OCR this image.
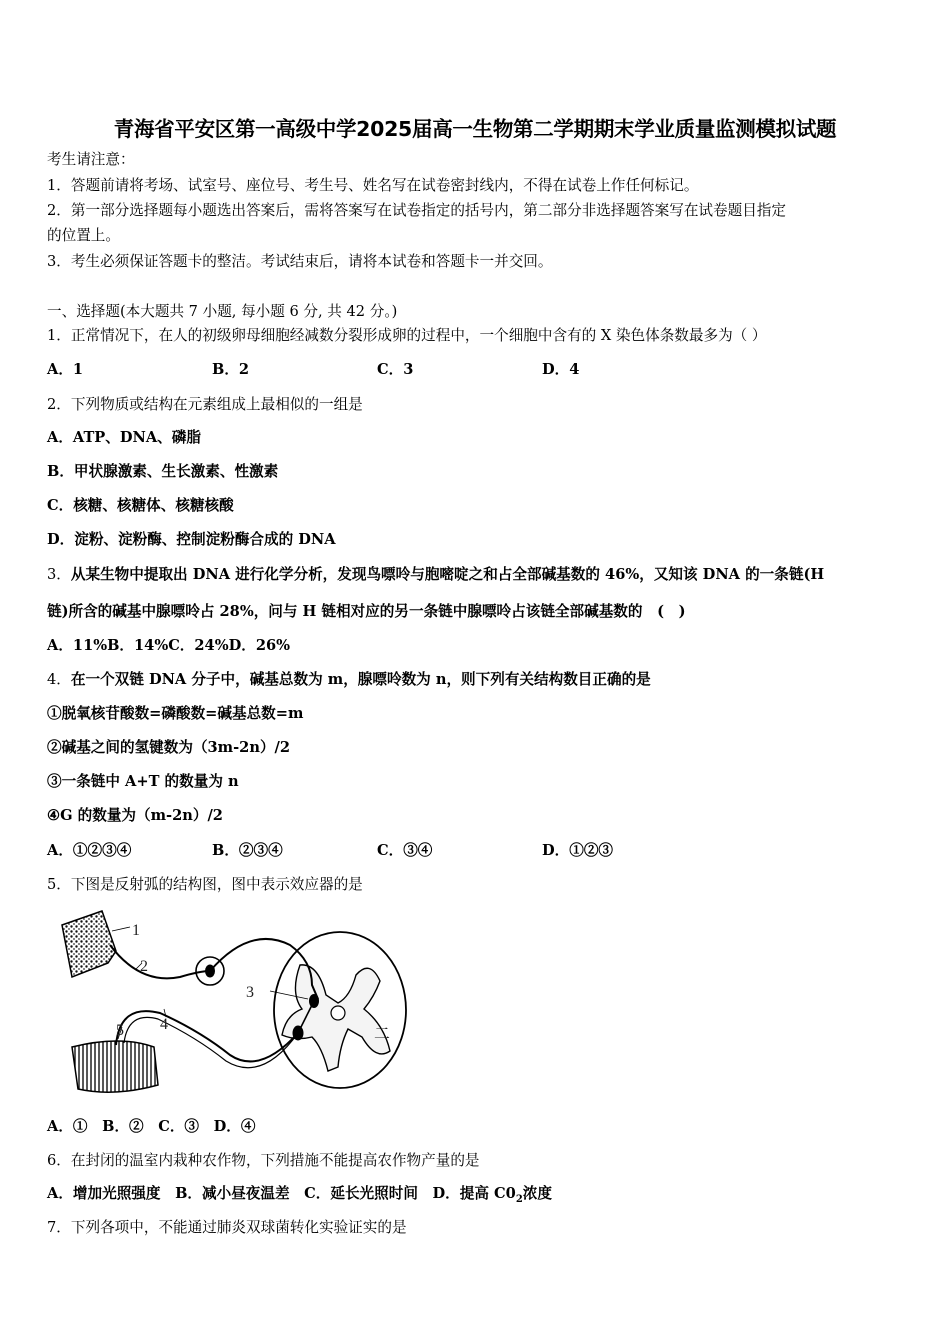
青海省平安区第一高级中学2025届高一生物第二学期期末学业质量监测模拟试题
考生请注意：
1．答题前请将考场、试室号、座位号、考生号、姓名写在试卷密封线内，不得在试卷上作任何标记。
2．第一部分选择题每小题选出答案后，需将答案写在试卷指定的括号内，第二部分非选择题答案写在试卷题目指定
的位置上。
3．考生必须保证答题卡的整洁。考试结束后，请将本试卷和答题卡一并交回。
一、选择题(本大题共 7 小题, 每小题 6 分, 共 42 分。)
1．正常情况下，在人的初级卵母细胞经减数分裂形成卵的过程中，一个细胞中含有的 X 染色体条数最多为（ ）
A．1	B．2	C．3	D．4
2．下列物质或结构在元素组成上最相似的一组是
A．ATP、DNA、磷脂
B．甲状腺激素、生长激素、性激素
C．核糖、核糖体、核糖核酸
D．淀粉、淀粉酶、控制淀粉酶合成的 DNA
3．从某生物中提取出 DNA 进行化学分析，发现鸟嘌呤与胞嘧啶之和占全部碱基数的 46%，又知该 DNA 的一条链(H
链)所含的碱基中腺嘌呤占 28%，问与 H 链相对应的另一条链中腺嘌呤占该链全部碱基数的　(　)
A．11%B．14%C．24%D．26%
4．在一个双链 DNA 分子中，碱基总数为 m，腺嘌呤数为 n，则下列有关结构数目正确的是
①脱氧核苷酸数=磷酸数=碱基总数=m
②碱基之间的氢键数为（3m-2n）/2
③一条链中 A+T 的数量为 n
④G 的数量为（m-2n）/2
A．①②③④	B．②③④	C．③④	D．①②③
5．下图是反射弧的结构图，图中表示效应器的是
1
2
3
4
5	二
A．①　B．②　C．③　D．④
6．在封闭的温室内栽种农作物，下列措施不能提高农作物产量的是
A．增加光照强度　B．减小昼夜温差　C．延长光照时间　D．提高 $C0_2$浓度
7．下列各项中，不能通过肺炎双球菌转化实验证实的是
